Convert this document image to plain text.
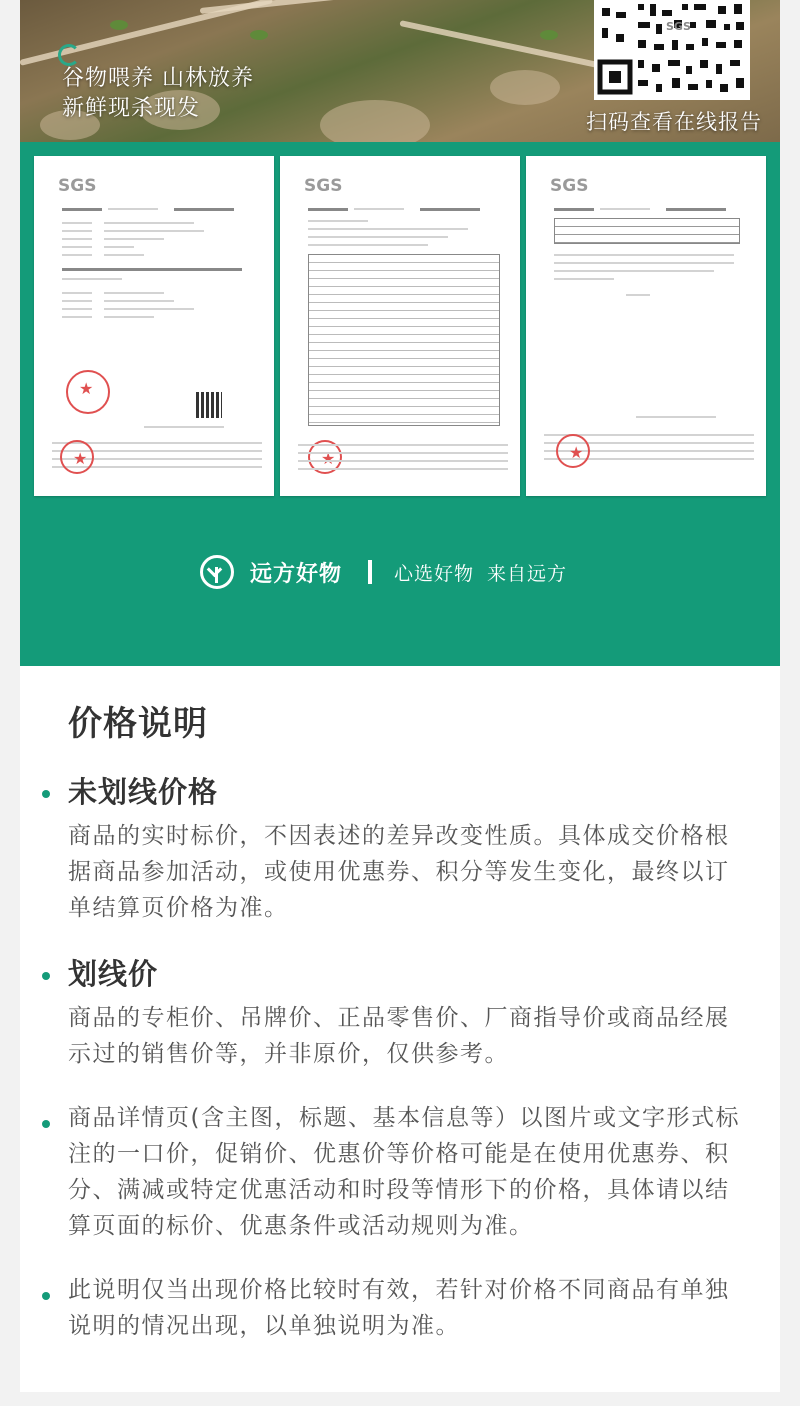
谷物喂养 山林放养
新鲜现杀现发
SGS
扫码查看在线报告
SGS
★
★	SGS
★	SGS
★
远方好物	心选好物 来自远方
价格说明
未划线价格
商品的实时标价，不因表述的差异改变性质。具体成交价格根据商品参加活动，或使用优惠券、积分等发生变化，最终以订单结算页价格为准。
划线价
商品的专柜价、吊牌价、正品零售价、厂商指导价或商品经展示过的销售价等，并非原价，仅供参考。
商品详情页(含主图，标题、基本信息等）以图片或文字形式标注的一口价，促销价、优惠价等价格可能是在使用优惠券、积分、满减或特定优惠活动和时段等情形下的价格，具体请以结算页面的标价、优惠条件或活动规则为准。
此说明仅当出现价格比较时有效，若针对价格不同商品有单独说明的情况出现，以单独说明为准。
